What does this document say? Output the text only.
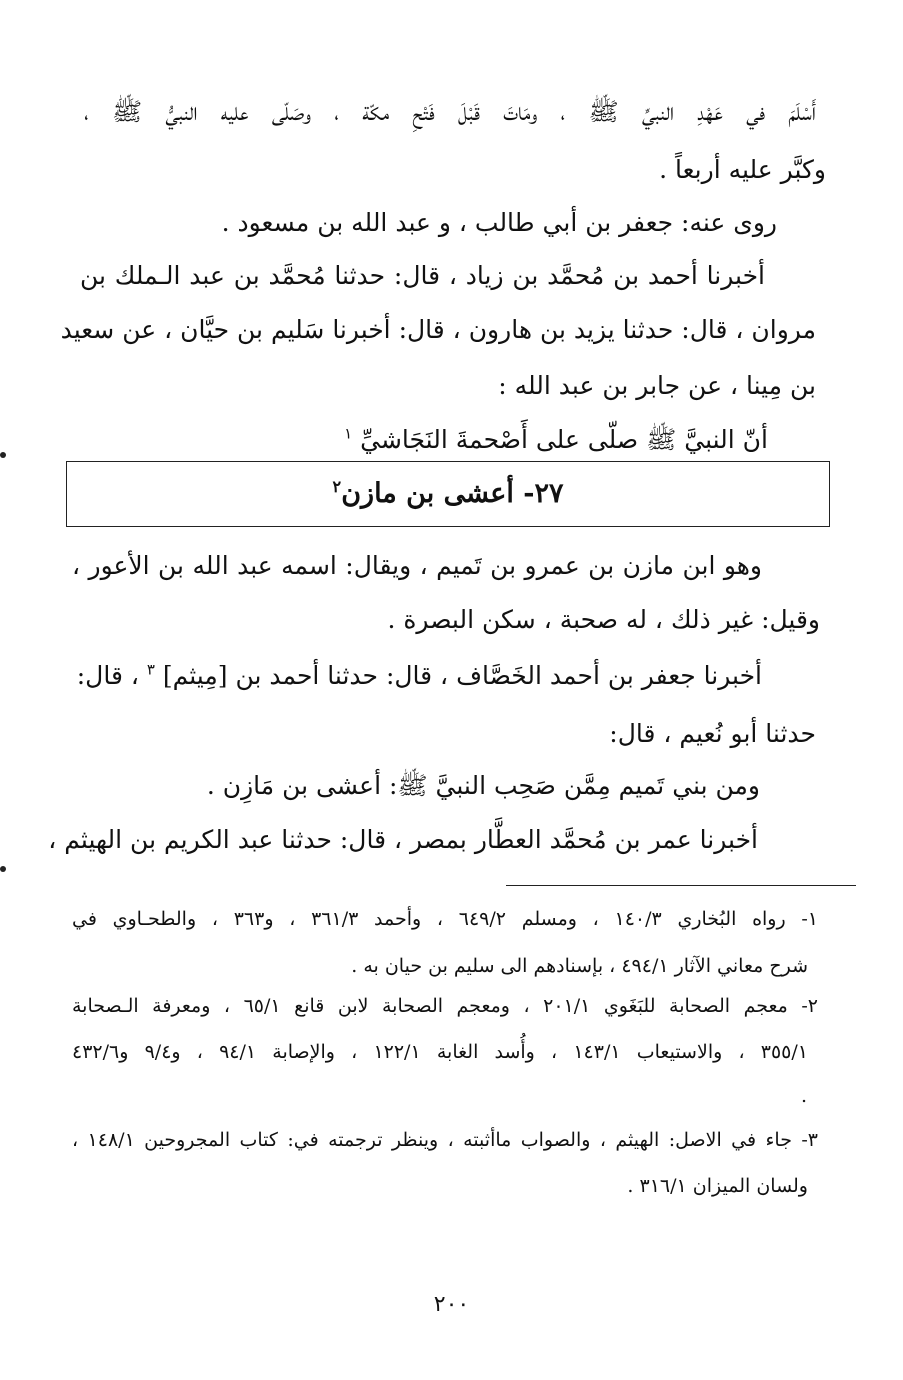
أَسْلَمَ في عَهْدِ النبيِّ ﷺ ، ومَاتَ قَبْلَ فَتْحِ مكّة ، وصَلّى عليه النبيُّ ﷺ ،
وكبَّر عليه أربعاً .
روى عنه: جعفر بن أبي طالب ، و عبد الله بن مسعود .
أخبرنا أحمد بن مُحمَّد بن زياد ، قال: حدثنا مُحمَّد بن عبد الـملك بن
مروان ، قال: حدثنا يزيد بن هارون ، قال: أخبرنا سَليم بن حيَّان ، عن سعيد
بن مِينا ، عن جابر بن عبد الله :
أنّ النبيَّ ﷺ صلّى على أَصْحمةَ النَجَاشيِّ $^١$
٢٧- أعشى بن مازن$^٢$
وهو ابن مازن بن عمرو بن تَميم ، ويقال: اسمه عبد الله بن الأعور ،
وقيل: غير ذلك ، له صحبة ، سكن البصرة .
أخبرنا جعفر بن أحمد الخَصَّاف ، قال: حدثنا أحمد بن [مِيثم] $^٣$ ، قال:
حدثنا أبو نُعيم ، قال:
ومن بني تَميم مِمَّن صَحِب النبيَّ ﷺ: أعشى بن مَازِن .
أخبرنا عمر بن مُحمَّد العطَّار بمصر ، قال: حدثنا عبد الكريم بن الهيثم ،
١- رواه البُخاري ١٤٠/٣ ، ومسلم ٦٤٩/٢ ، وأحمد ٣٦١/٣ ، و٣٦٣ ، والطحـاوي في
شرح معاني الآثار ٤٩٤/١ ، بإسنادهم الى سليم بن حيان به .
٢- معجم الصحابة للبَغَوي ٢٠١/١ ، ومعجم الصحابة لابن قانع ٦٥/١ ، ومعرفة الـصحابة
٣٥٥/١ ، والاستيعاب ١٤٣/١ ، وأُسد الغابة ١٢٢/١ ، والإصابة ٩٤/١ ، و٩/٤ و٤٣٢/٦
.
٣- جاء في الاصل: الهيثم ، والصواب ماأثبته ، وينظر ترجمته في: كتاب المجروحين ١٤٨/١ ،
ولسان الميزان ٣١٦/١ .
٢٠٠
